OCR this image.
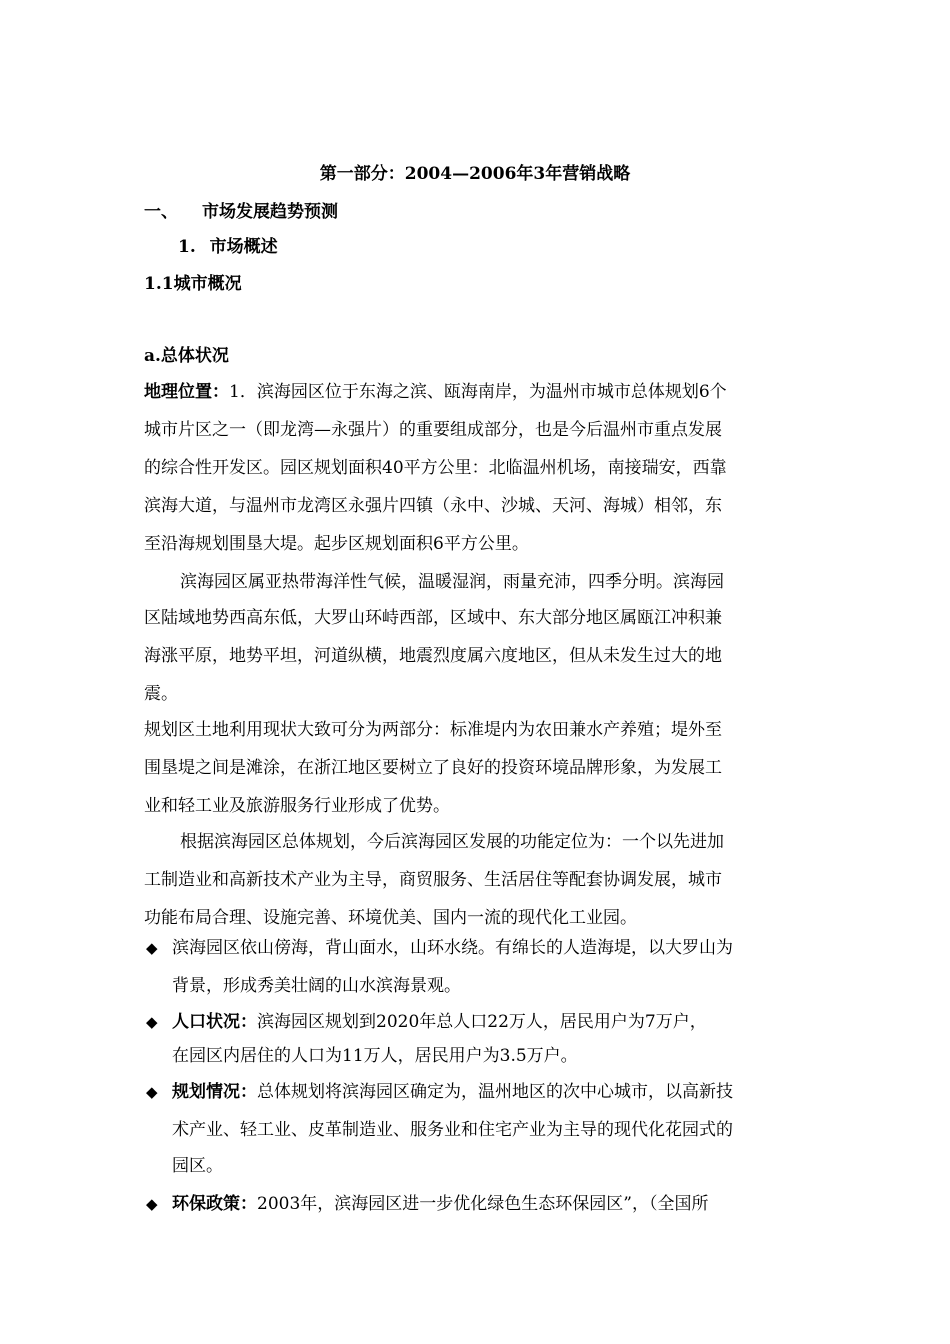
第一部分：2004—2006年3年营销战略
一、 市场发展趋势预测
1. 市场概述
1.1城市概况
a.总体状况
地理位置：1．滨海园区位于东海之滨、瓯海南岸，为温州市城市总体规划6个
城市片区之一（即龙湾—永强片）的重要组成部分，也是今后温州市重点发展
的综合性开发区。园区规划面积40平方公里：北临温州机场，南接瑞安，西靠
滨海大道，与温州市龙湾区永强片四镇（永中、沙城、天河、海城）相邻，东
至沿海规划围垦大堤。起步区规划面积6平方公里。
滨海园区属亚热带海洋性气候，温暖湿润，雨量充沛，四季分明。滨海园
区陆域地势西高东低，大罗山环峙西部，区域中、东大部分地区属瓯江冲积兼
海涨平原，地势平坦，河道纵横，地震烈度属六度地区，但从未发生过大的地
震。
规划区土地利用现状大致可分为两部分：标准堤内为农田兼水产养殖；堤外至
围垦堤之间是滩涂，在浙江地区要树立了良好的投资环境品牌形象，为发展工
业和轻工业及旅游服务行业形成了优势。
根据滨海园区总体规划，今后滨海园区发展的功能定位为：一个以先进加
工制造业和高新技术产业为主导，商贸服务、生活居住等配套协调发展，城市
功能布局合理、设施完善、环境优美、国内一流的现代化工业园。
◆ 滨海园区依山傍海，背山面水，山环水绕。有绵长的人造海堤，以大罗山为
背景，形成秀美壮阔的山水滨海景观。
◆ 人口状况：滨海园区规划到2020年总人口22万人，居民用户为7万户，
在园区内居住的人口为11万人，居民用户为3.5万户。
◆ 规划情况：总体规划将滨海园区确定为，温州地区的次中心城市，以高新技
术产业、轻工业、皮革制造业、服务业和住宅产业为主导的现代化花园式的
园区。
◆ 环保政策：2003年，滨海园区进一步优化绿色生态环保园区”，（全国所
